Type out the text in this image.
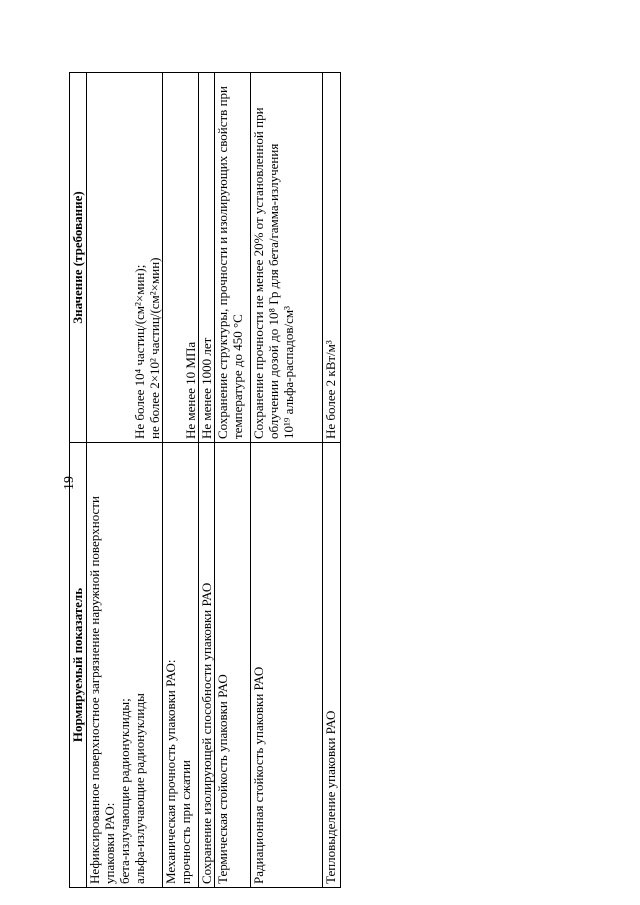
19
Нормируемый показатель	Значение (требование)

Нефиксированное поверхностное загрязнение наружной поверхности упаковки РАО: бета-излучающие радионуклиды; альфа-излучающие радионуклиды	Не более 10⁴ частиц/(см²×мин); не более 2×10² частиц/(см²×мин)

Механическая прочность упаковки РАО: прочность при сжатии	Не менее 10 МПа

Сохранение изолирующей способности упаковки РАО	Не менее 1000 лет

Термическая стойкость упаковки РАО	Сохранение структуры, прочности и изолирующих свойств при температуре до 450 °С

Радиационная стойкость упаковки РАО	Сохранение прочности не менее 20% от установленной при облучении дозой до 10⁸ Гр для бета/гамма-излучения 10¹⁹ альфа-распадов/см³

Тепловыделение упаковки РАО	Не более 2 кВт/м³
